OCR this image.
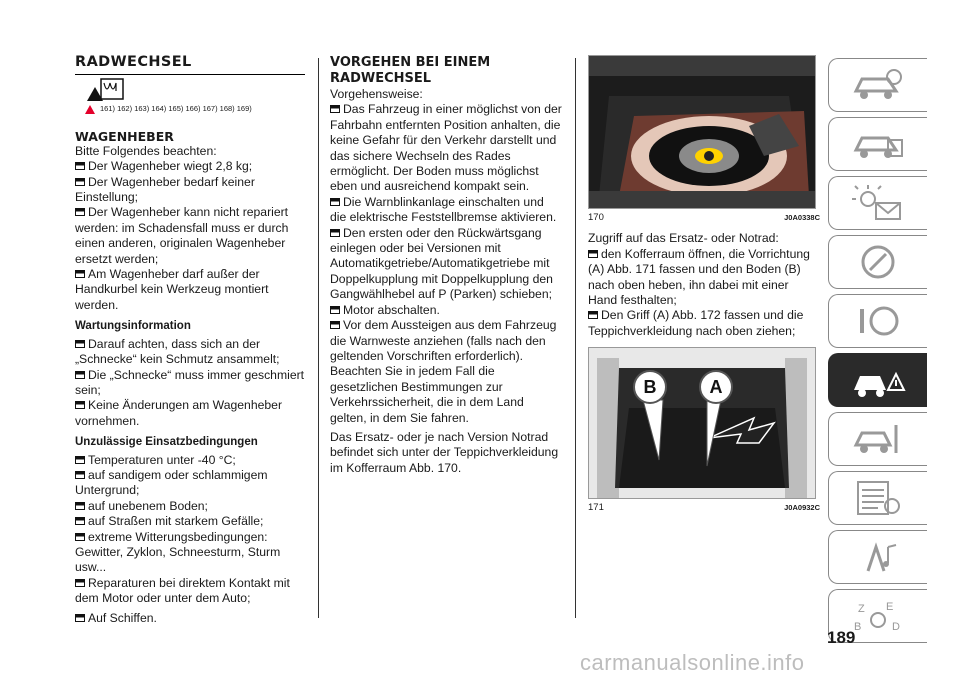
RADWECHSEL
161) 162) 163) 164) 165) 166) 167) 168) 169)
WAGENHEBER

Bitte Folgendes beachten:

Der Wagenheber wiegt 2,8 kg;

Der Wagenheber bedarf keiner Einstellung;

Der Wagenheber kann nicht repariert werden: im Schadensfall muss er durch einen anderen, originalen Wagenheber ersetzt werden;

Am Wagenheber darf außer der Handkurbel kein Werkzeug montiert werden.

Wartungsinformation

Darauf achten, dass sich an der „Schnecke“ kein Schmutz ansammelt;

Die „Schnecke“ muss immer geschmiert sein;

Keine Änderungen am Wagenheber vornehmen.

Unzulässige Einsatzbedingungen

Temperaturen unter -40 °C;

auf sandigem oder schlammigem Untergrund;

auf unebenem Boden;

auf Straßen mit starkem Gefälle;

extreme Witterungsbedingungen: Gewitter, Zyklon, Schneesturm, Sturm usw...

Reparaturen bei direktem Kontakt mit dem Motor oder unter dem Auto;

Auf Schiffen.

VORGEHEN BEI EINEM RADWECHSEL

Vorgehensweise:

Das Fahrzeug in einer möglichst von der Fahrbahn entfernten Position anhalten, die keine Gefahr für den Verkehr darstellt und das sichere Wechseln des Rades ermöglicht. Der Boden muss möglichst eben und ausreichend kompakt sein.

Die Warnblinkanlage einschalten und die elektrische Feststellbremse aktivieren.

Den ersten oder den Rückwärtsgang einlegen oder bei Versionen mit Automatikgetriebe/Automatikgetriebe mit Doppelkupplung mit Doppelkupplung den Gangwählhebel auf P (Parken) schieben;

Motor abschalten.

Vor dem Aussteigen aus dem Fahrzeug die Warnweste anziehen (falls nach den geltenden Vorschriften erforderlich). Beachten Sie in jedem Fall die gesetzlichen Bestimmungen zur Verkehrssicherheit, die in dem Land gelten, in dem Sie fahren.

Das Ersatz- oder je nach Version Notrad befindet sich unter der Teppichverkleidung im Kofferraum Abb. 170.

170	J0A0338C

Zugriff auf das Ersatz- oder Notrad:

den Kofferraum öffnen, die Vorrichtung (A) Abb. 171 fassen und den Boden (B) nach oben heben, ihn dabei mit einer Hand festhalten;

Den Griff (A) Abb. 172 fassen und die Teppichverkleidung nach oben ziehen;

B	A
171	J0A0932C
Z E
B	D
189
carmanualsonline.info
